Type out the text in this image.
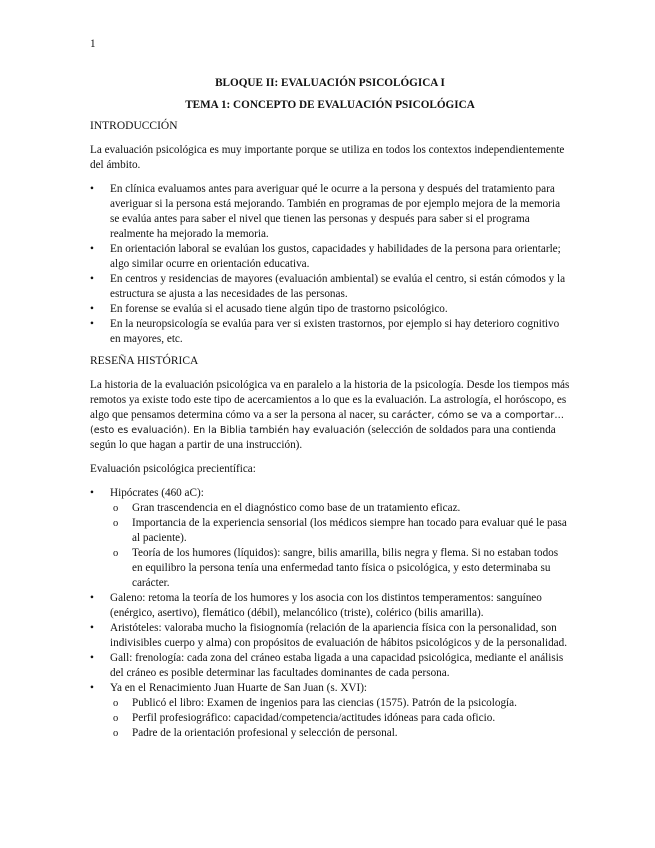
1
BLOQUE II: EVALUACIÓN PSICOLÓGICA I
TEMA 1: CONCEPTO DE EVALUACIÓN PSICOLÓGICA
INTRODUCCIÓN

La evaluación psicológica es muy importante porque se utiliza en todos los contextos independientemente del ámbito.

• En clínica evaluamos antes para averiguar qué le ocurre a la persona y después del tratamiento para averiguar si la persona está mejorando. También en programas de por ejemplo mejora de la memoria se evalúa antes para saber el nivel que tienen las personas y después para saber si el programa realmente ha mejorado la memoria.
• En orientación laboral se evalúan los gustos, capacidades y habilidades de la persona para orientarle; algo similar ocurre en orientación educativa.
• En centros y residencias de mayores (evaluación ambiental) se evalúa el centro, si están cómodos y la estructura se ajusta a las necesidades de las personas.
• En forense se evalúa si el acusado tiene algún tipo de trastorno psicológico.
• En la neuropsicología se evalúa para ver si existen trastornos, por ejemplo si hay deterioro cognitivo en mayores, etc.
RESEÑA HISTÓRICA

La historia de la evaluación psicológica va en paralelo a la historia de la psicología. Desde los tiempos más remotos ya existe todo este tipo de acercamientos a lo que es la evaluación. La astrología, el horóscopo, es algo que pensamos determina cómo va a ser la persona al nacer, su carácter, cómo se va a comportar… (esto es evaluación). En la Biblia también hay evaluación (selección de soldados para una contienda según lo que hagan a partir de una instrucción).

Evaluación psicológica precientífica:

• Hipócrates (460 aC):
o Gran trascendencia en el diagnóstico como base de un tratamiento eficaz.
o Importancia de la experiencia sensorial (los médicos siempre han tocado para evaluar qué le pasa al paciente).
o Teoría de los humores (líquidos): sangre, bilis amarilla, bilis negra y flema. Si no estaban todos en equilibro la persona tenía una enfermedad tanto física o psicológica, y esto determinaba su carácter.
• Galeno: retoma la teoría de los humores y los asocia con los distintos temperamentos: sanguíneo (enérgico, asertivo), flemático (débil), melancólico (triste), colérico (bilis amarilla).
• Aristóteles: valoraba mucho la fisiognomía (relación de la apariencia física con la personalidad, son indivisibles cuerpo y alma) con propósitos de evaluación de hábitos psicológicos y de la personalidad.
• Gall: frenología: cada zona del cráneo estaba ligada a una capacidad psicológica, mediante el análisis del cráneo es posible determinar las facultades dominantes de cada persona.
• Ya en el Renacimiento Juan Huarte de San Juan (s. XVI):
o Publicó el libro: Examen de ingenios para las ciencias (1575). Patrón de la psicología.
o Perfil profesiográfico: capacidad/competencia/actitudes idóneas para cada oficio.
o Padre de la orientación profesional y selección de personal.
